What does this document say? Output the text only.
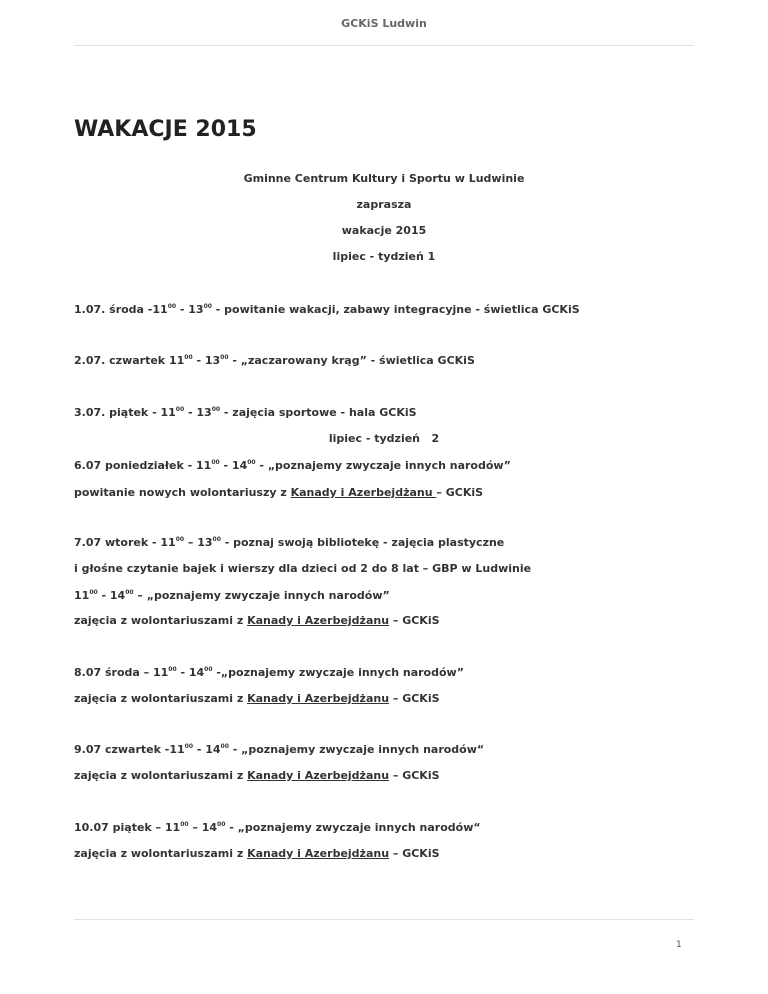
GCKiS Ludwin
WAKACJE 2015
Gminne Centrum Kultury i Sportu w Ludwinie
zaprasza
wakacje 2015
lipiec - tydzień 1
1.07. środa $-11^{00} - 13^{00}$ - powitanie wakacji, zabawy integracyjne - świetlica GCKiS
2.07. czwartek $11^{00} - 13^{00}$ - „zaczarowany krąg” - świetlica GCKiS
3.07. piątek - $11^{00} - 13^{00}$ - zajęcia sportowe - hala GCKiS
lipiec - tydzień   2
6.07 poniedziałek - $11^{00} - 14^{00}$ - „poznajemy zwyczaje innych narodów”
powitanie nowych wolontariuszy z Kanady i Azerbejdżanu – GCKiS
7.07 wtorek - $11^{00} - 13^{00}$ - poznaj swoją bibliotekę - zajęcia plastyczne
i głośne czytanie bajek i wierszy dla dzieci od 2 do 8 lat – GBP w Ludwinie
$11^{00} - 14^{00}$ – „poznajemy zwyczaje innych narodów”
zajęcia z wolontariuszami z Kanady i Azerbejdżanu – GCKiS
8.07 środa – $11^{00} - 14^{00}$ -„poznajemy zwyczaje innych narodów”
zajęcia z wolontariuszami z Kanady i Azerbejdżanu – GCKiS
9.07 czwartek $-11^{00} - 14^{00}$ - „poznajemy zwyczaje innych narodów“
zajęcia z wolontariuszami z Kanady i Azerbejdżanu – GCKiS
10.07 piątek – $11^{00} - 14^{00}$ - „poznajemy zwyczaje innych narodów“
zajęcia z wolontariuszami z Kanady i Azerbejdżanu – GCKiS
1
